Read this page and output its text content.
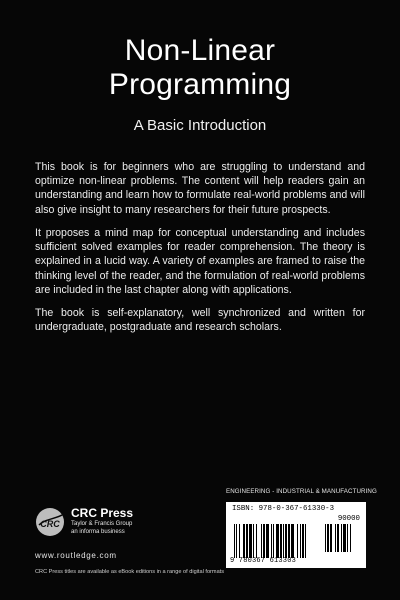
Non-Linear
Programming
A Basic Introduction

This book is for beginners who are struggling to understand and optimize non-linear problems. The content will help readers gain an understanding and learn how to formulate real-world problems and will also give insight to many researchers for their future prospects.

It proposes a mind map for conceptual understanding and includes sufficient solved examples for reader comprehension. The theory is explained in a lucid way. A variety of examples are framed to raise the thinking level of the reader, and the formulation of real-world problems are included in the last chapter along with applications.

The book is self-explanatory, well synchronized and written for undergraduate, postgraduate and research scholars.

CRC
CRC Press
Taylor & Francis Group
an informa business
www.routledge.com
CRC Press titles are available as eBook editions in a range of digital formats
ENGINEERING - INDUSTRIAL & MANUFACTURING
ISBN: 978-0-367-61330-3
90000
9 780367 613303
